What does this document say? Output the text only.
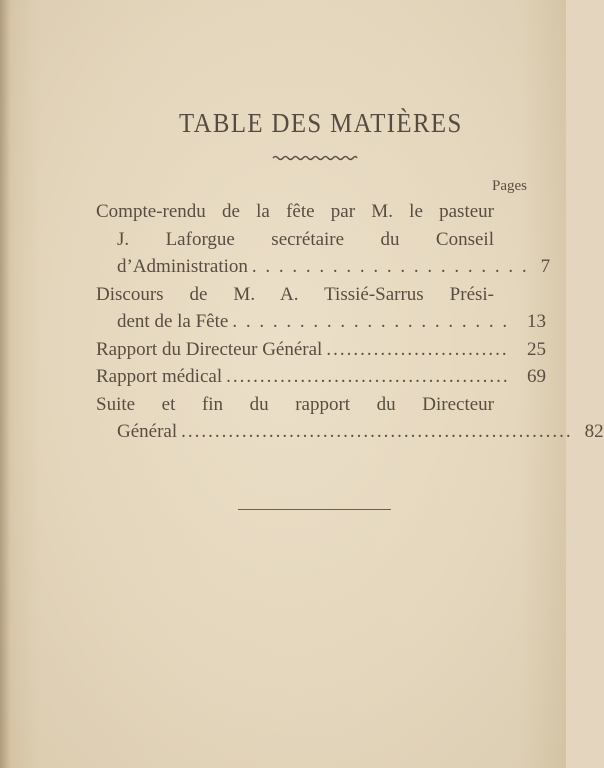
TABLE DES MATIÈRES
Pages
Compte-rendu de la fête par M. le pasteur
J. Laforgue secrétaire du Conseil
d’Administration . . . . . . . . . . . . . . . . . . . . . 7
Discours de M. A. Tissié-Sarrus Prési-
dent de la Fête . . . . . . . . . . . . . . . . . . . . . 13
Rapport du Directeur Général ........................... 25
Rapport médical .......................................... 69
Suite et fin du rapport du Directeur
Général .......................................................... 82
